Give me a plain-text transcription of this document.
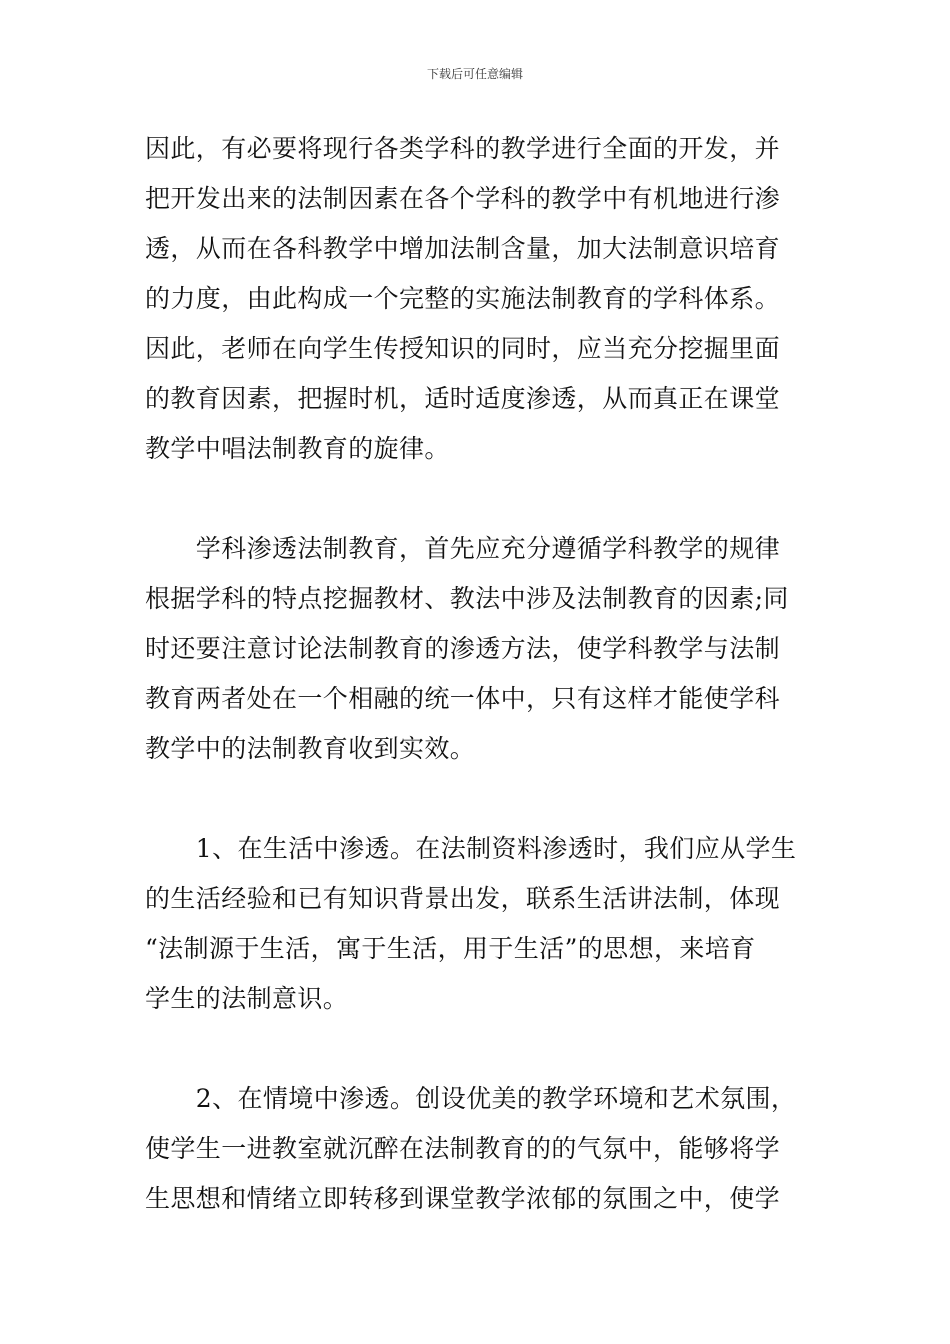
下载后可任意编辑
因此，有必要将现行各类学科的教学进行全面的开发，并
把开发出来的法制因素在各个学科的教学中有机地进行渗
透，从而在各科教学中增加法制含量，加大法制意识培育
的力度，由此构成一个完整的实施法制教育的学科体系。
因此，老师在向学生传授知识的同时，应当充分挖掘里面
的教育因素，把握时机，适时适度渗透，从而真正在课堂
教学中唱法制教育的旋律。
　　学科渗透法制教育，首先应充分遵循学科教学的规律
根据学科的特点挖掘教材、教法中涉及法制教育的因素;同
时还要注意讨论法制教育的渗透方法，使学科教学与法制
教育两者处在一个相融的统一体中，只有这样才能使学科
教学中的法制教育收到实效。
　　1、在生活中渗透。在法制资料渗透时，我们应从学生
的生活经验和已有知识背景出发，联系生活讲法制，体现
“法制源于生活，寓于生活，用于生活”的思想，来培育
学生的法制意识。
　　2、在情境中渗透。创设优美的教学环境和艺术氛围，
使学生一进教室就沉醉在法制教育的的气氛中，能够将学
生思想和情绪立即转移到课堂教学浓郁的氛围之中，使学
